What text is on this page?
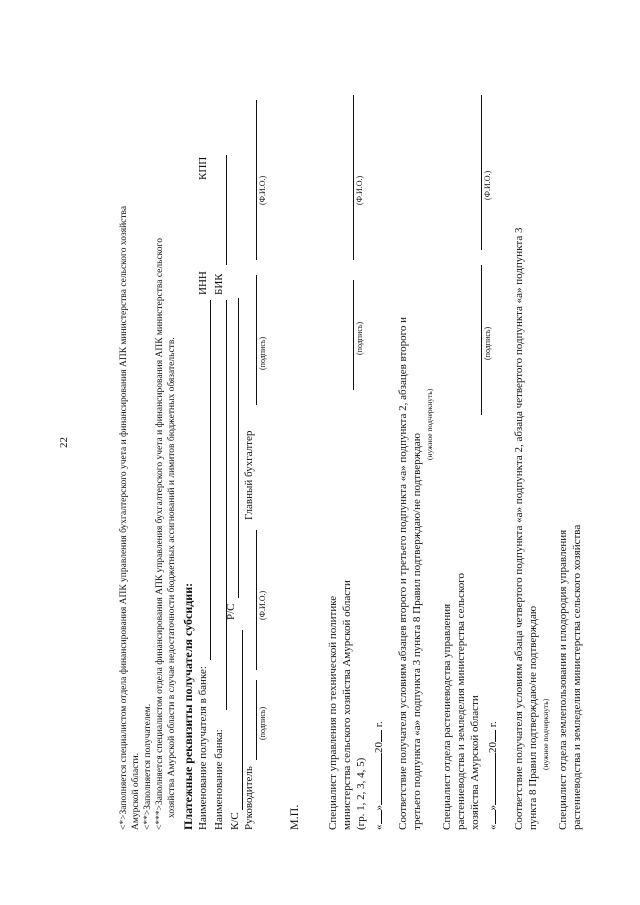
22	<*>Заполняется специалистом отдела финансирования АПК управления бухгалтерского учета и финансирования АПК министерства сельского хозяйства Амурской области. <**>Заполняется получателем. <***>Заполняется специалистом отдела финансирования АПК управления бухгалтерского учета и финансирования АПК министерства сельского хозяйства Амурской области в случае недостаточности бюджетных ассигнований и лимитов бюджетных обязательств. Платежные реквизиты получателя субсидии: Наименование получателя в банке:
ИНН
КПП
Наименование банка:
БИК
Р/С
К/С Руководитель
(подпись)
(Ф.И.О.)
Главный бухгалтер
(подпись)
(Ф.И.О.)
М.П. Специалист управления по технической политике министерства сельского хозяйства Амурской области
(подпись)
(Ф.И.О.)
(гр. 1, 2, 3, 4, 5) «»20 г. Соответствие получателя условиям абзацев второго и третьего подпункта «а» подпункта 2, абзацев второго и третьего подпункта «а» подпункта 3 пункта 8 Правил подтверждаю/не подтверждаю
(нужное подчеркнуть)
Специалист отдела растениеводства управления растениеводства и земледелия министерства сельского хозяйства Амурской области
(подпись)
(Ф.И.О.)
«»20 г. Соответствие получателя условиям абзаца четвертого подпункта «а» подпункта 2, абзаца четвертого подпункта «а» подпункта 3 пункта 8 Правил подтверждаю/не подтверждаю (нужное подчеркнуть) Специалист отдела землепользования и плодородия управления растениеводства и земледелия министерства сельского хозяйства
